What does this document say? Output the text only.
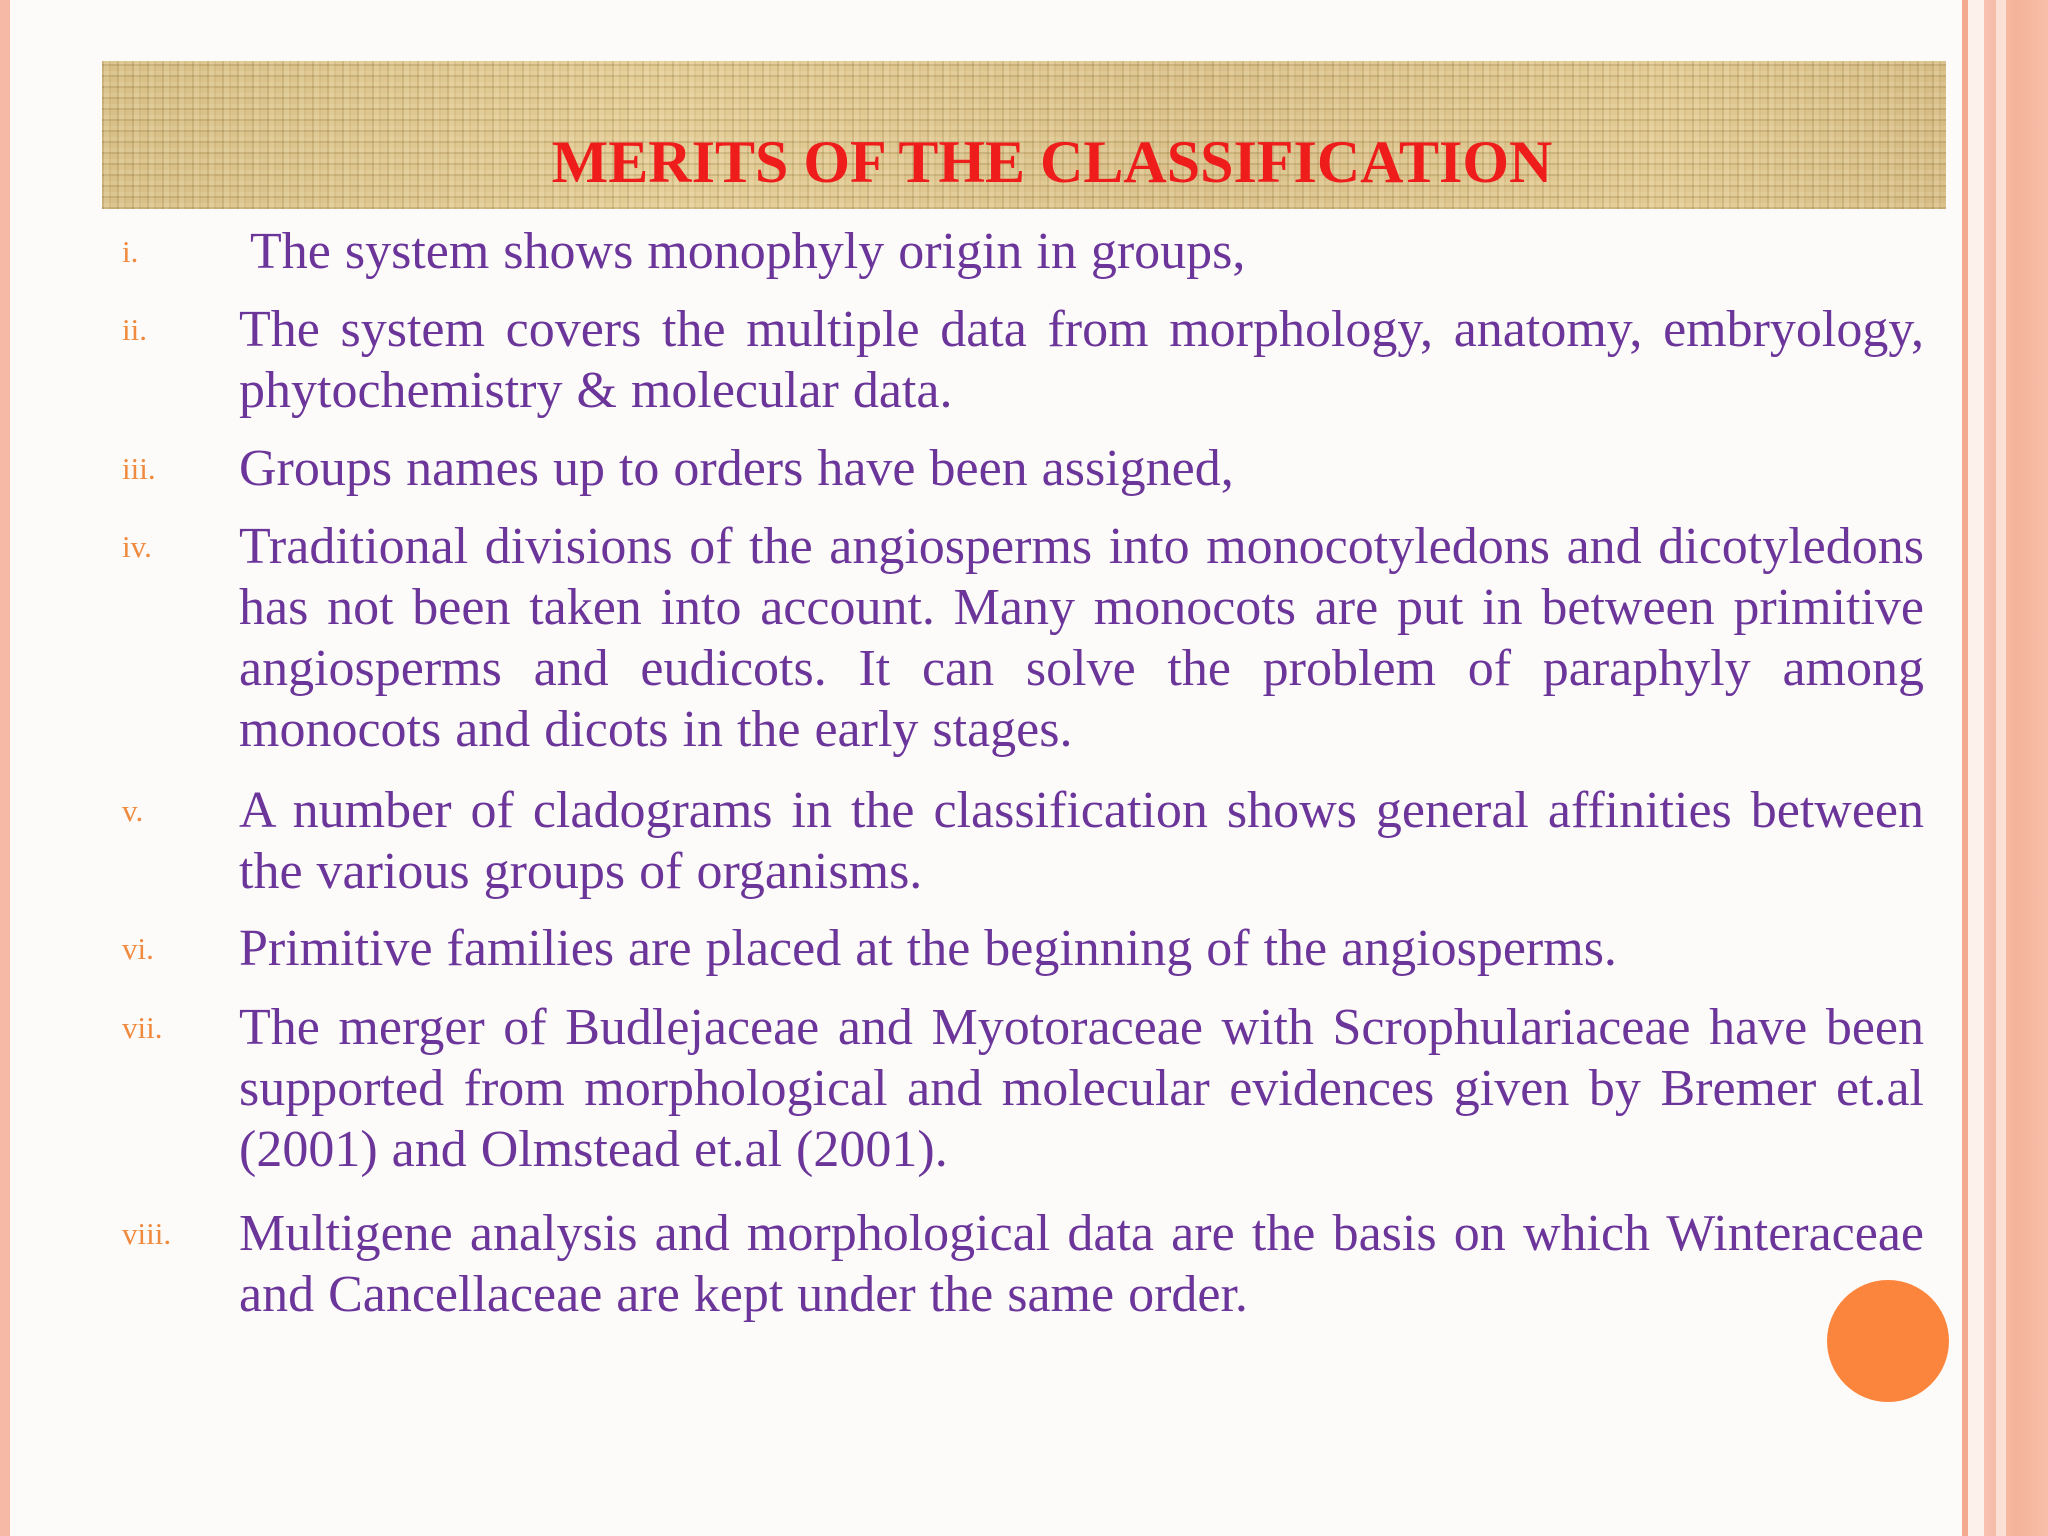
MERITS OF THE CLASSIFICATION
i. The system shows monophyly origin in groups,

ii. The system covers the multiple data from morphology, anatomy, embryology, phytochemistry & molecular data.

iii. Groups names up to orders have been assigned,

iv. Traditional divisions of the angiosperms into monocotyledons and dicotyledons has not been taken into account. Many monocots are put in between primitive angiosperms and eudicots. It can solve the problem of paraphyly among monocots and dicots in the early stages.

v. A number of cladograms in the classification shows general affinities between the various groups of organisms.

vi. Primitive families are placed at the beginning of the angiosperms.

vii. The merger of Budlejaceae and Myotoraceae with Scrophulariaceae have been supported from morphological and molecular evidences given by Bremer et.al (2001) and Olmstead et.al (2001).

viii. Multigene analysis and morphological data are the basis on which Winteraceae and Cancellaceae are kept under the same order.
